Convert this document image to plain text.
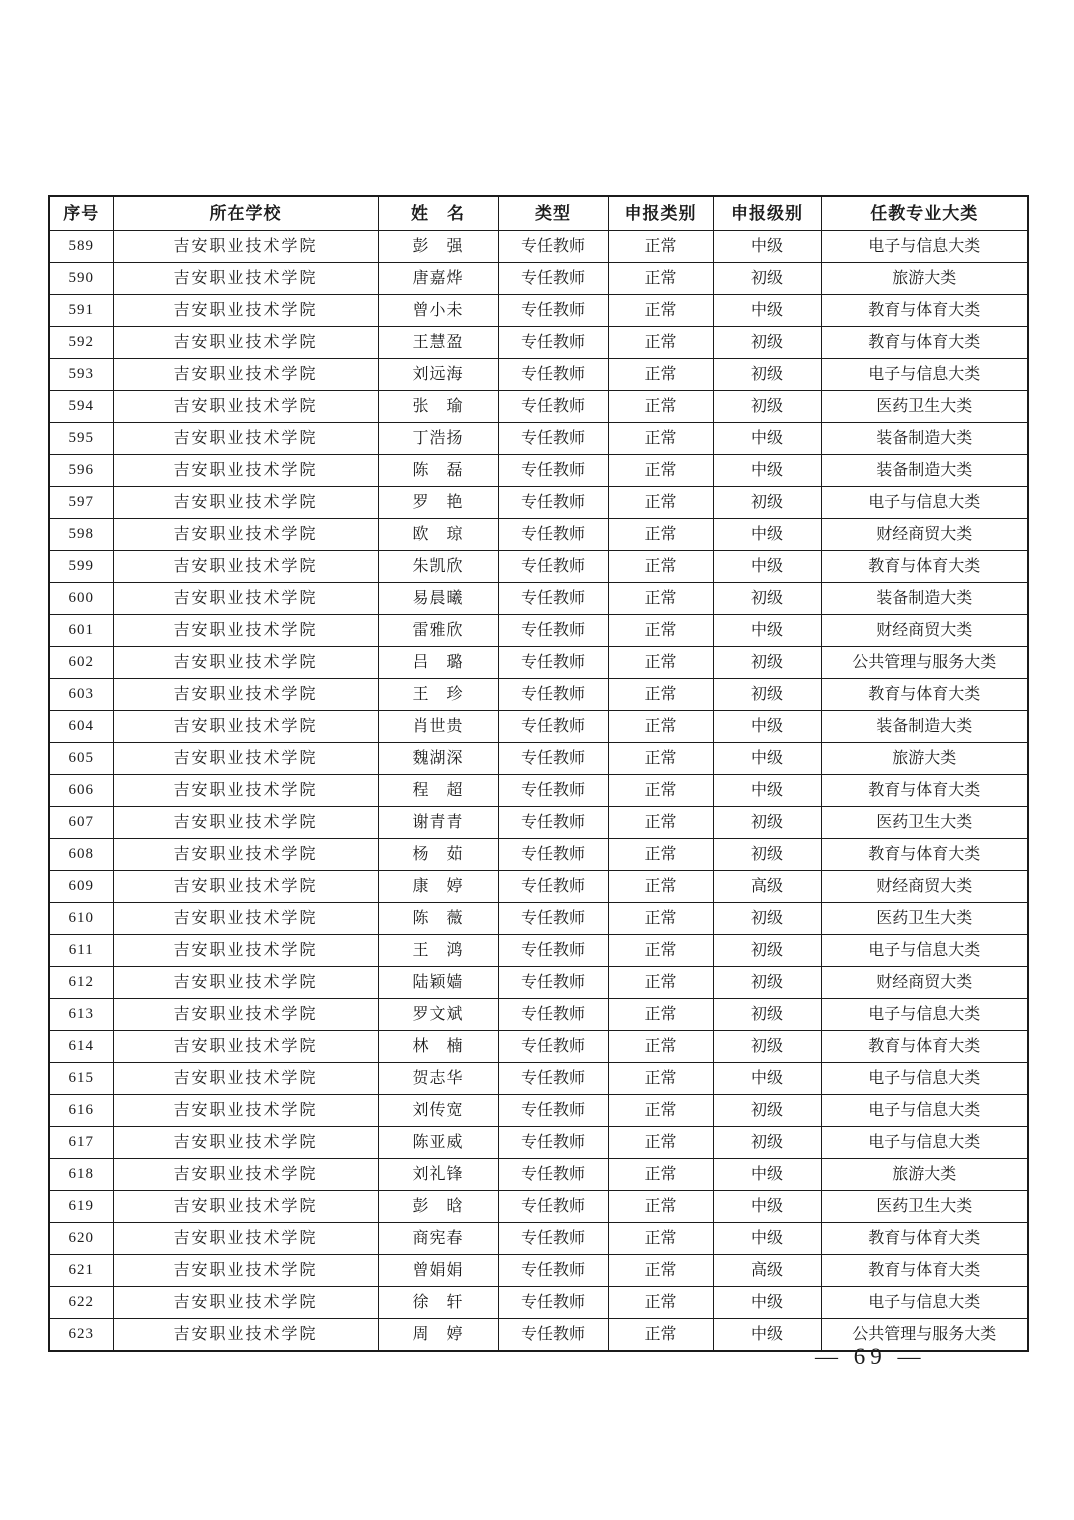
序号	所在学校	姓　名	类型	申报类别	申报级别	任教专业大类
589	吉安职业技术学院	彭　强	专任教师	正常	中级	电子与信息大类
590	吉安职业技术学院	唐嘉烨	专任教师	正常	初级	旅游大类
591	吉安职业技术学院	曾小未	专任教师	正常	中级	教育与体育大类
592	吉安职业技术学院	王慧盈	专任教师	正常	初级	教育与体育大类
593	吉安职业技术学院	刘远海	专任教师	正常	初级	电子与信息大类
594	吉安职业技术学院	张　瑜	专任教师	正常	初级	医药卫生大类
595	吉安职业技术学院	丁浩扬	专任教师	正常	中级	装备制造大类
596	吉安职业技术学院	陈　磊	专任教师	正常	中级	装备制造大类
597	吉安职业技术学院	罗　艳	专任教师	正常	初级	电子与信息大类
598	吉安职业技术学院	欧　琼	专任教师	正常	中级	财经商贸大类
599	吉安职业技术学院	朱凯欣	专任教师	正常	中级	教育与体育大类
600	吉安职业技术学院	易晨曦	专任教师	正常	初级	装备制造大类
601	吉安职业技术学院	雷雅欣	专任教师	正常	中级	财经商贸大类
602	吉安职业技术学院	吕　璐	专任教师	正常	初级	公共管理与服务大类
603	吉安职业技术学院	王　珍	专任教师	正常	初级	教育与体育大类
604	吉安职业技术学院	肖世贵	专任教师	正常	中级	装备制造大类
605	吉安职业技术学院	魏湖深	专任教师	正常	中级	旅游大类
606	吉安职业技术学院	程　超	专任教师	正常	中级	教育与体育大类
607	吉安职业技术学院	谢青青	专任教师	正常	初级	医药卫生大类
608	吉安职业技术学院	杨　茹	专任教师	正常	初级	教育与体育大类
609	吉安职业技术学院	康　婷	专任教师	正常	高级	财经商贸大类
610	吉安职业技术学院	陈　薇	专任教师	正常	初级	医药卫生大类
611	吉安职业技术学院	王　鸿	专任教师	正常	初级	电子与信息大类
612	吉安职业技术学院	陆颖嫱	专任教师	正常	初级	财经商贸大类
613	吉安职业技术学院	罗文斌	专任教师	正常	初级	电子与信息大类
614	吉安职业技术学院	林　楠	专任教师	正常	初级	教育与体育大类
615	吉安职业技术学院	贺志华	专任教师	正常	中级	电子与信息大类
616	吉安职业技术学院	刘传宽	专任教师	正常	初级	电子与信息大类
617	吉安职业技术学院	陈亚威	专任教师	正常	初级	电子与信息大类
618	吉安职业技术学院	刘礼锋	专任教师	正常	中级	旅游大类
619	吉安职业技术学院	彭　晗	专任教师	正常	中级	医药卫生大类
620	吉安职业技术学院	商宪春	专任教师	正常	中级	教育与体育大类
621	吉安职业技术学院	曾娟娟	专任教师	正常	高级	教育与体育大类
622	吉安职业技术学院	徐　轩	专任教师	正常	中级	电子与信息大类
623	吉安职业技术学院	周　婷	专任教师	正常	中级	公共管理与服务大类
— 69 —
